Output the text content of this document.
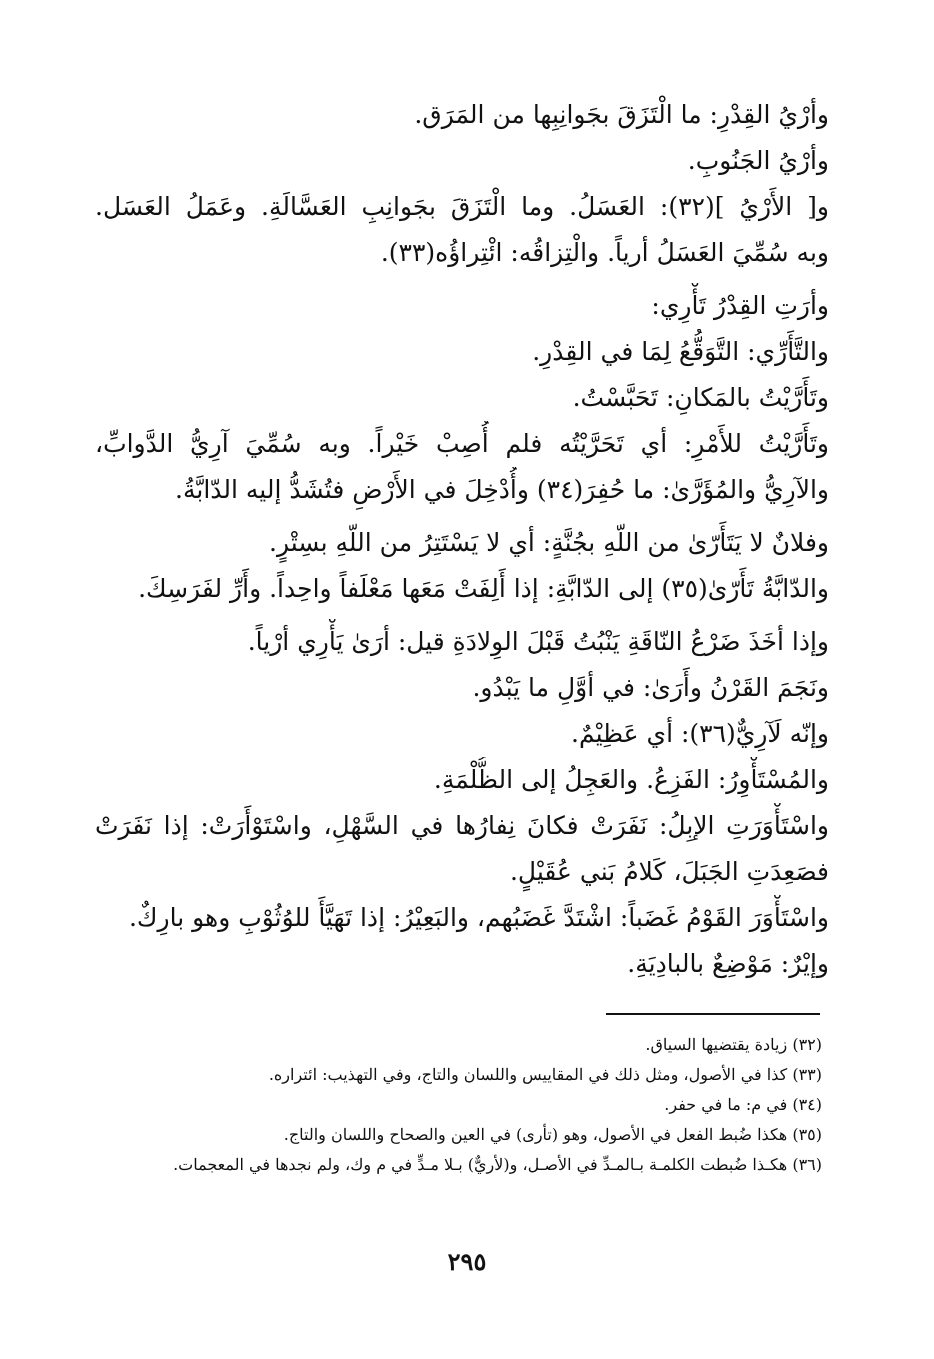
وأرْيُ القِدْرِ: ما الْتَزَقَ بجَوانِبِها من المَرَق.
وأرْيُ الجَنُوبِ.
و[ الأَرْيُ ](٣٢): العَسَلُ. وما الْتَزَقَ بجَوانِبِ العَسَّالَةِ. وعَمَلُ العَسَل.
وبه سُمِّيَ العَسَلُ أرياً. والْتِزاقُه: ائْتِراؤُه(٣٣).
وأرَتِ القِدْرُ تَأْرِي:
والتَّأَرِّي: التَّوَقُّعُ لِمَا في القِدْرِ.
وتَأَرَّيْتُ بالمَكانِ: تَحَبَّسْتُ.
وتَأَرَّيْتُ للأَمْرِ: أي تَحَرَّيْتُه فلم أُصِبْ خَيْراً. وبه سُمِّيَ آرِيُّ الدَّوابِّ،
والآرِيُّ والمُؤَرَّىٰ: ما حُفِرَ(٣٤) وأُدْخِلَ في الأَرْضِ فتُشَدُّ إليه الدّابَّةُ.
وفلانٌ لا يَتَأَرّىٰ من اللّهِ بجُنَّةٍ: أي لا يَسْتَتِرُ من اللّهِ بسِتْرٍ.
والدّابَّةُ تَأَرّىٰ(٣٥) إلى الدّابَّةِ: إذا أَلِفَتْ مَعَها مَعْلَفاً واحِداً. وأَرِّ لفَرَسِكَ.
وإذا أخَذَ ضَرْعُ النّاقَةِ يَنْبُتُ قَبْلَ الوِلادَةِ قيل: أرَىٰ يَأْرِي أرْياً.
ونَجَمَ القَرْنُ وأَرَىٰ: في أوَّلِ ما يَبْدُو.
وإنّه لَآرِيٌّ(٣٦): أي عَظِيْمٌ.
والمُسْتَأْوِرُ: الفَزِعُ. والعَجِلُ إلى الظُّلْمَةِ.
واسْتَأْوَرَتِ الإبِلُ: نَفَرَتْ فكانَ نِفارُها في السَّهْلِ، واسْتَوْأَرَتْ: إذا نَفَرَتْ
فصَعِدَتِ الجَبَلَ، كَلامُ بَني عُقَيْلٍ.
واسْتَأْوَرَ القَوْمُ غَضَباً: اشْتَدَّ غَضَبُهم، والبَعِيْرُ: إذا تَهَيَّأَ للوُثُوْبِ وهو بارِكٌ.
وإيْرٌ: مَوْضِعٌ بالبادِيَةِ.
(٣٢) زيادة يقتضيها السياق.
(٣٣) كذا في الأصول، ومثل ذلك في المقاييس واللسان والتاج، وفي التهذيب: ائتراره.
(٣٤) في م: ما في حفر.
(٣٥) هكذا ضُبط الفعل في الأصول، وهو (تأرى) في العين والصحاح واللسان والتاج.
(٣٦) هكـذا ضُبطت الكلمـة بـالمـدِّ في الأصـل، و(لأريٌّ) بـلا مـدٍّ في م وك، ولم نجدها في المعجمات.
٢٩٥
